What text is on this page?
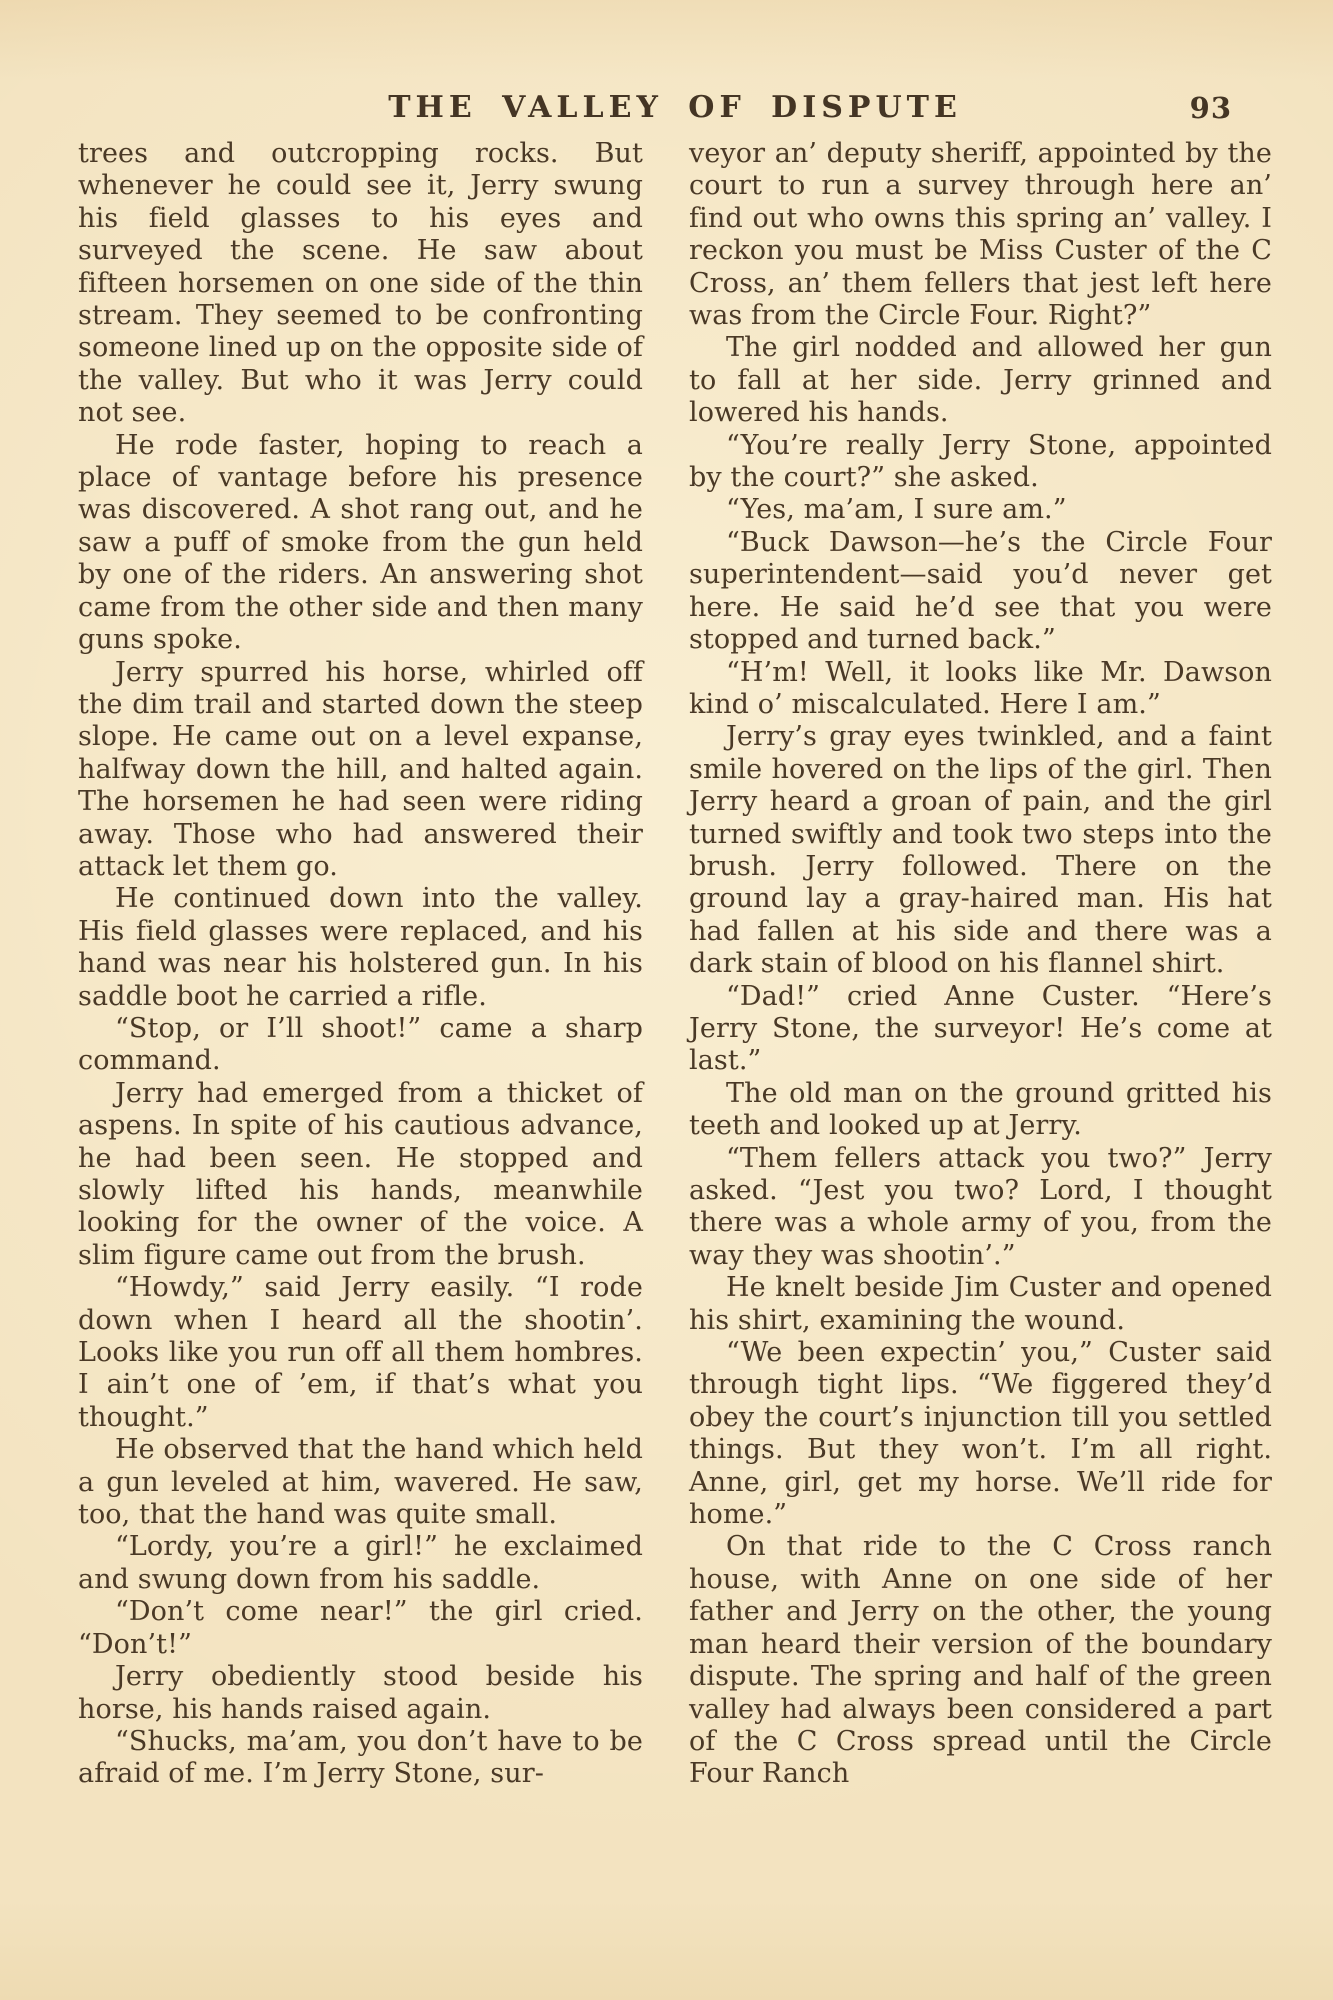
THE VALLEY OF DISPUTE	93

trees and outcropping rocks. But whenever he could see it, Jerry swung his field glasses to his eyes and surveyed the scene. He saw about fifteen horsemen on one side of the thin stream. They seemed to be confronting someone lined up on the opposite side of the valley. But who it was Jerry could not see.

He rode faster, hoping to reach a place of vantage before his presence was discovered. A shot rang out, and he saw a puff of smoke from the gun held by one of the riders. An answering shot came from the other side and then many guns spoke.

Jerry spurred his horse, whirled off the dim trail and started down the steep slope. He came out on a level expanse, halfway down the hill, and halted again. The horsemen he had seen were riding away. Those who had answered their attack let them go.

He continued down into the valley. His field glasses were replaced, and his hand was near his holstered gun. In his saddle boot he carried a rifle.

“Stop, or I’ll shoot!” came a sharp command.

Jerry had emerged from a thicket of aspens. In spite of his cautious advance, he had been seen. He stopped and slowly lifted his hands, meanwhile looking for the owner of the voice. A slim figure came out from the brush.

“Howdy,” said Jerry easily. “I rode down when I heard all the shootin’. Looks like you run off all them hombres. I ain’t one of ’em, if that’s what you thought.”

He observed that the hand which held a gun leveled at him, wavered. He saw, too, that the hand was quite small.

“Lordy, you’re a girl!” he exclaimed and swung down from his saddle.

“Don’t come near!” the girl cried. “Don’t!”

Jerry obediently stood beside his horse, his hands raised again.

“Shucks, ma’am, you don’t have to be afraid of me. I’m Jerry Stone, sur-

veyor an’ deputy sheriff, appointed by the court to run a survey through here an’ find out who owns this spring an’ valley. I reckon you must be Miss Custer of the C Cross, an’ them fellers that jest left here was from the Circle Four. Right?”

The girl nodded and allowed her gun to fall at her side. Jerry grinned and lowered his hands.

“You’re really Jerry Stone, appointed by the court?” she asked.

“Yes, ma’am, I sure am.”

“Buck Dawson—he’s the Circle Four superintendent—said you’d never get here. He said he’d see that you were stopped and turned back.”

“H’m! Well, it looks like Mr. Dawson kind o’ miscalculated. Here I am.”

Jerry’s gray eyes twinkled, and a faint smile hovered on the lips of the girl. Then Jerry heard a groan of pain, and the girl turned swiftly and took two steps into the brush. Jerry followed. There on the ground lay a gray-haired man. His hat had fallen at his side and there was a dark stain of blood on his flannel shirt.

“Dad!” cried Anne Custer. “Here’s Jerry Stone, the surveyor! He’s come at last.”

The old man on the ground gritted his teeth and looked up at Jerry.

“Them fellers attack you two?” Jerry asked. “Jest you two? Lord, I thought there was a whole army of you, from the way they was shootin’.”

He knelt beside Jim Custer and opened his shirt, examining the wound.

“We been expectin’ you,” Custer said through tight lips. “We figgered they’d obey the court’s injunction till you settled things. But they won’t. I’m all right. Anne, girl, get my horse. We’ll ride for home.”

On that ride to the C Cross ranch house, with Anne on one side of her father and Jerry on the other, the young man heard their version of the boundary dispute. The spring and half of the green valley had always been considered a part of the C Cross spread until the Circle Four Ranch
